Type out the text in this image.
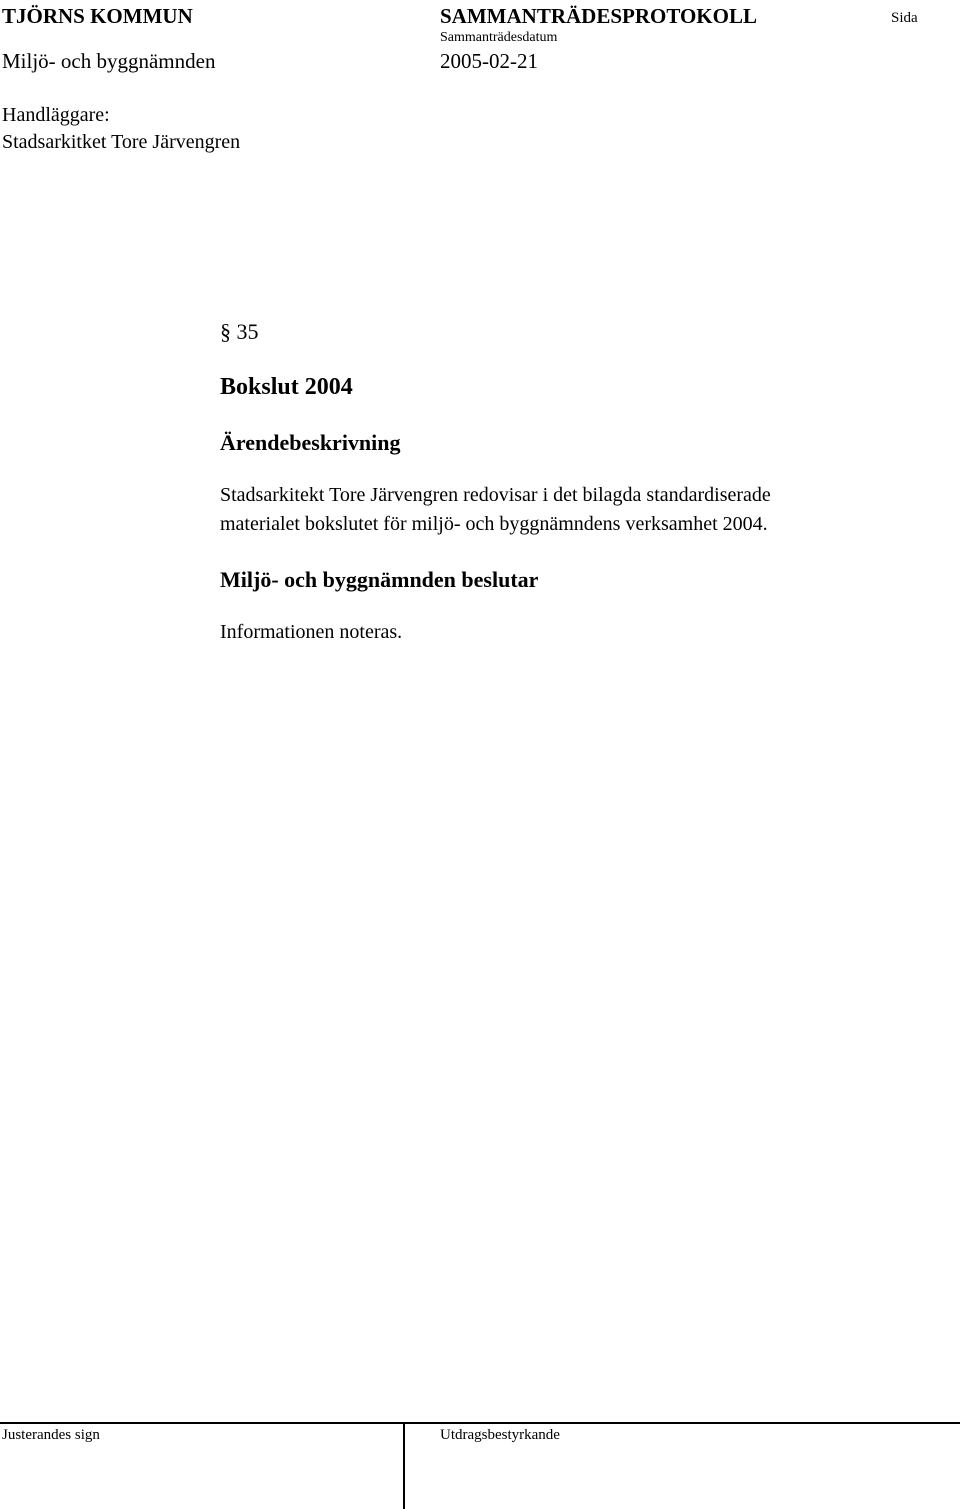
TJÖRNS KOMMUN	SAMMANTRÄDESPROTOKOLL	Sida
Sammanträdesdatum
Miljö- och byggnämnden	2005-02-21
Handläggare:
Stadsarkitket Tore Järvengren
§ 35
Bokslut 2004
Ärendebeskrivning
Stadsarkitekt Tore Järvengren redovisar i det bilagda standardiserade
materialet bokslutet för miljö- och byggnämndens verksamhet 2004.
Miljö- och byggnämnden beslutar
Informationen noteras.
Justerandes sign	Utdragsbestyrkande
